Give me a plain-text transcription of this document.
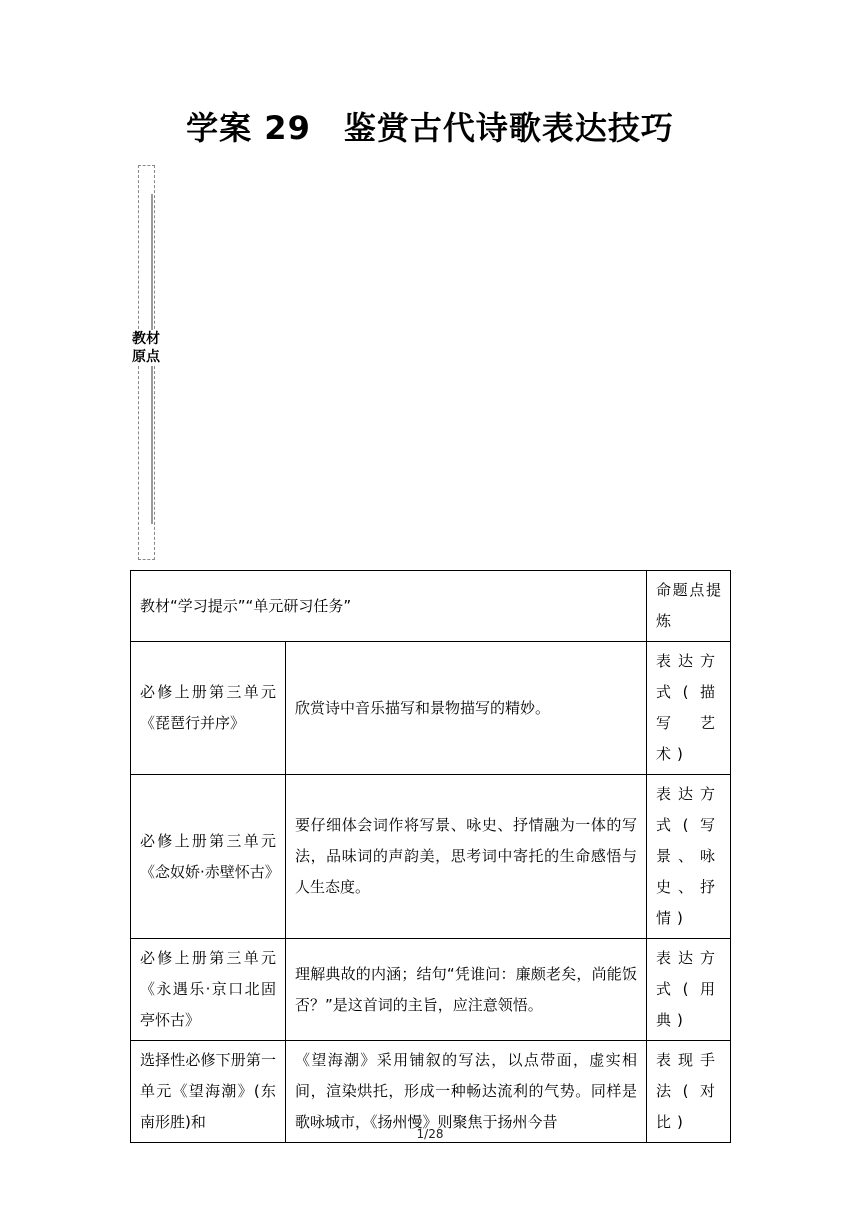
学案 29　鉴赏古代诗歌表达技巧
教材原点
教材“学习提示”“单元研习任务”		命题点提炼
必修上册第三单元《琵琶行并序》	欣赏诗中音乐描写和景物描写的精妙。	表达方式(描写艺术)

必修上册第三单元《念奴娇·赤壁怀古》	要仔细体会词作将写景、咏史、抒情融为一体的写法，品味词的声韵美，思考词中寄托的生命感悟与人生态度。	表达方式(写景、咏史、抒情)

必修上册第三单元《永遇乐·京口北固亭怀古》	理解典故的内涵；结句“凭谁问：廉颇老矣，尚能饭否？”是这首词的主旨，应注意领悟。	表达方式(用典)

选择性必修下册第一单元《望海潮》(东南形胜)和	《望海潮》采用铺叙的写法，以点带面，虚实相间，渲染烘托，形成一种畅达流利的气势。同样是歌咏城市，《扬州慢》则聚焦于扬州今昔	表现手法(对比)
1/28
